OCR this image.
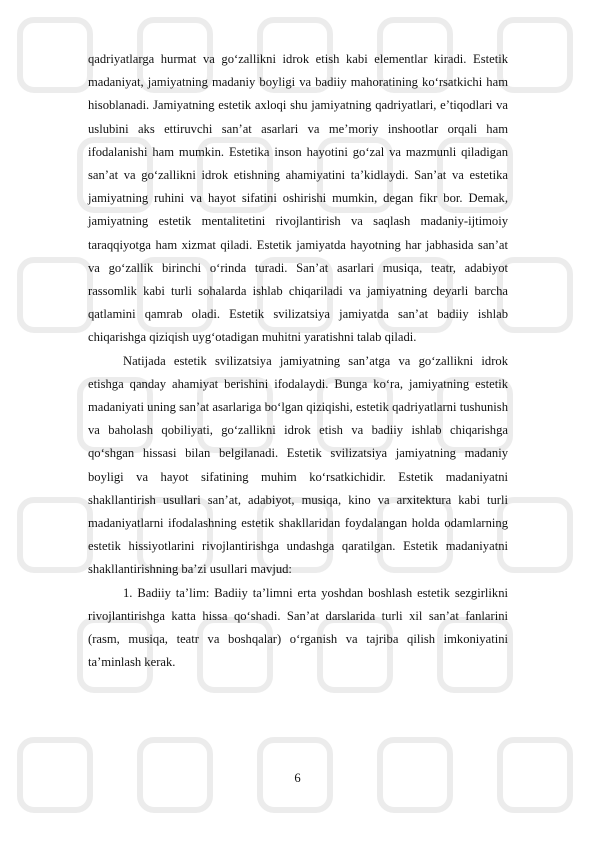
qadriyatlarga hurmat va go‘zallikni idrok etish kabi elementlar kiradi. Estetik madaniyat, jamiyatning madaniy boyligi va badiiy mahoratining ko‘rsatkichi ham hisoblanadi. Jamiyatning estetik axloqi shu jamiyatning qadriyatlari, e’tiqodlari va uslubini aks ettiruvchi san’at asarlari va me’moriy inshootlar orqali ham ifodalanishi ham mumkin. Estetika inson hayotini go‘zal va mazmunli qiladigan san’at va go‘zallikni idrok etishning ahamiyatini ta’kidlaydi. San’at va estetika jamiyatning ruhini va hayot sifatini oshirishi mumkin, degan fikr bor. Demak, jamiyatning estetik mentalitetini rivojlantirish va saqlash madaniy-ijtimoiy taraqqiyotga ham xizmat qiladi. Estetik jamiyatda hayotning har jabhasida san’at va go‘zallik birinchi o‘rinda turadi. San’at asarlari musiqa, teatr, adabiyot rassomlik kabi turli sohalarda ishlab chiqariladi va jamiyatning deyarli barcha qatlamini qamrab oladi. Estetik svilizatsiya jamiyatda san’at badiiy ishlab chiqarishga qiziqish uyg‘otadigan muhitni yaratishni talab qiladi.

Natijada estetik svilizatsiya jamiyatning san’atga va go‘zallikni idrok etishga qanday ahamiyat berishini ifodalaydi. Bunga ko‘ra, jamiyatning estetik madaniyati uning san’at asarlariga bo‘lgan qiziqishi, estetik qadriyatlarni tushunish va baholash qobiliyati, go‘zallikni idrok etish va badiiy ishlab chiqarishga qo‘shgan hissasi bilan belgilanadi. Estetik svilizatsiya jamiyatning madaniy boyligi va hayot sifatining muhim ko‘rsatkichidir. Estetik madaniyatni shakllantirish usullari san’at, adabiyot, musiqa, kino va arxitektura kabi turli madaniyatlarni ifodalashning estetik shakllaridan foydalangan holda odamlarning estetik hissiyotlarini rivojlantirishga undashga qaratilgan. Estetik madaniyatni shakllantirishning ba’zi usullari mavjud:

1. Badiiy ta’lim: Badiiy ta’limni erta yoshdan boshlash estetik sezgirlikni rivojlantirishga katta hissa qo‘shadi. San’at darslarida turli xil san’at fanlarini (rasm, musiqa, teatr va boshqalar) o‘rganish va tajriba qilish imkoniyatini ta’minlash kerak.

6
